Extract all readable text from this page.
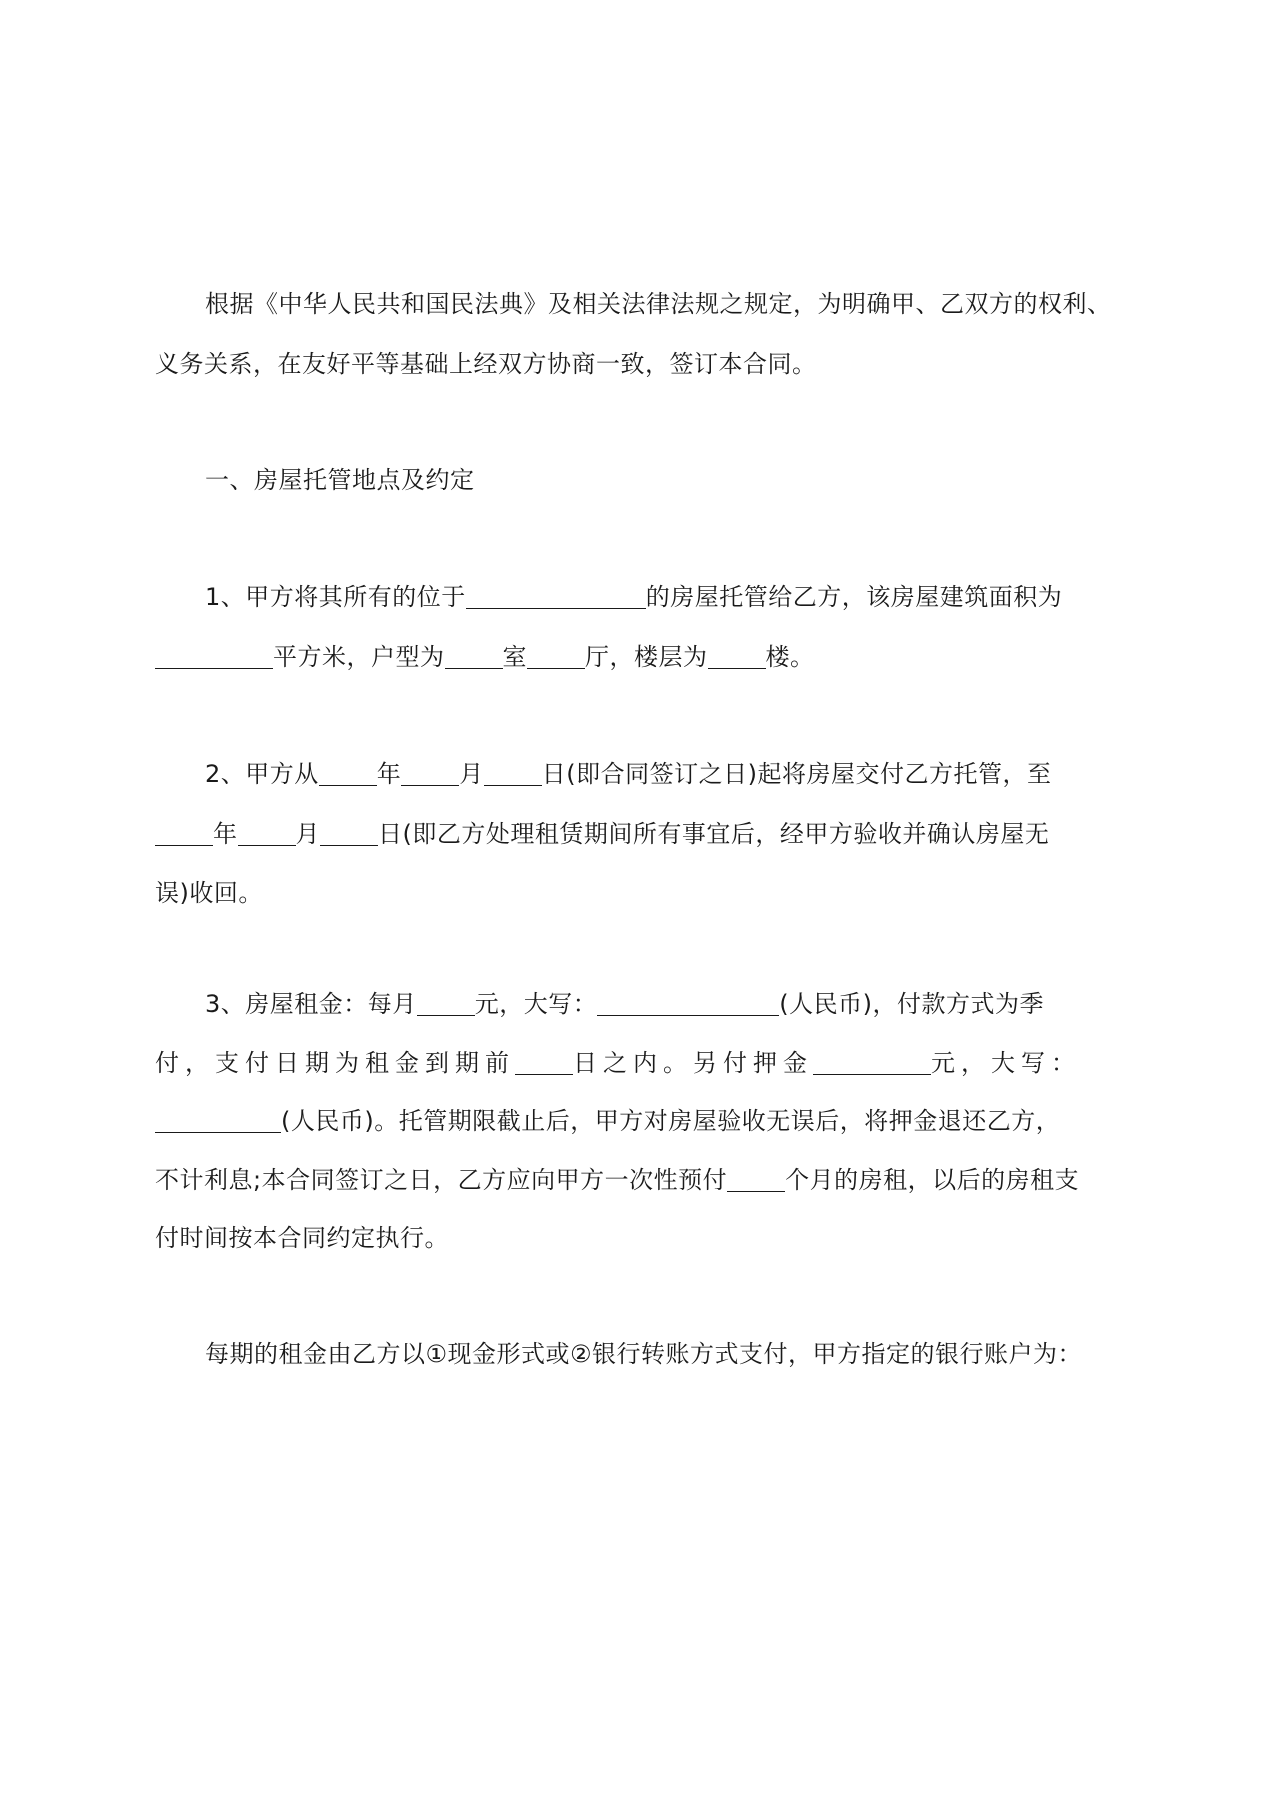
根据《中华人民共和国民法典》及相关法律法规之规定，为明确甲、乙双方的权利、
义务关系，在友好平等基础上经双方协商一致，签订本合同。
一、房屋托管地点及约定
1、甲方将其所有的位于	的房屋托管给乙方，该房屋建筑面积为
平方米，户型为 室 厅，楼层为 楼。
2、甲方从 年 月 日(即合同签订之日)起将房屋交付乙方托管，至
年 月 日(即乙方处理租赁期间所有事宜后，经甲方验收并确认房屋无
误)收回。
3、房屋租金：每月 元，大写：	(人民币)，付款方式为季
付，支付日期为租金到期前 日之内。另付押金	元，大写：
(人民币)。托管期限截止后，甲方对房屋验收无误后，将押金退还乙方，
不计利息;本合同签订之日，乙方应向甲方一次性预付 个月的房租，以后的房租支
付时间按本合同约定执行。
每期的租金由乙方以①现金形式或②银行转账方式支付，甲方指定的银行账户为：
